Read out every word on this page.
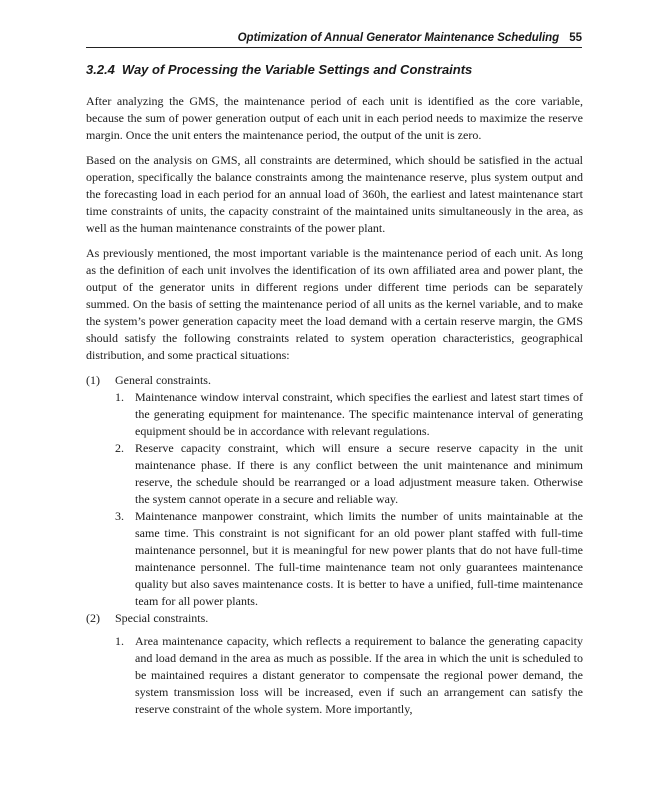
Optimization of Annual Generator Maintenance Scheduling 55
3.2.4 Way of Processing the Variable Settings and Constraints

After analyzing the GMS, the maintenance period of each unit is identified as the core variable, because the sum of power generation output of each unit in each period needs to maximize the reserve margin. Once the unit enters the maintenance period, the output of the unit is zero.

Based on the analysis on GMS, all constraints are determined, which should be satisfied in the actual operation, specifically the balance constraints among the maintenance reserve, plus system output and the forecasting load in each period for an annual load of 360h, the earliest and latest maintenance start time constraints of units, the capacity constraint of the maintained units simultaneously in the area, as well as the human maintenance constraints of the power plant.

As previously mentioned, the most important variable is the maintenance period of each unit. As long as the definition of each unit involves the identification of its own affiliated area and power plant, the output of the generator units in different regions under different time periods can be separately summed. On the basis of setting the maintenance period of all units as the kernel variable, and to make the system’s power generation capacity meet the load demand with a certain reserve margin, the GMS should satisfy the following constraints related to system operation characteristics, geographical distribution, and some practical situations:

(1) General constraints.
1. Maintenance window interval constraint, which specifies the earliest and latest start times of the generating equipment for maintenance. The specific maintenance interval of generating equipment should be in accordance with relevant regulations.
2. Reserve capacity constraint, which will ensure a secure reserve capacity in the unit maintenance phase. If there is any conflict between the unit maintenance and minimum reserve, the schedule should be rearranged or a load adjustment measure taken. Otherwise the system cannot operate in a secure and reliable way.
3. Maintenance manpower constraint, which limits the number of units maintainable at the same time. This constraint is not significant for an old power plant staffed with full-time maintenance personnel, but it is meaningful for new power plants that do not have full-time maintenance personnel. The full-time maintenance team not only guarantees maintenance quality but also saves maintenance costs. It is better to have a unified, full-time maintenance team for all power plants.
(2) Special constraints.
1. Area maintenance capacity, which reflects a requirement to balance the generating capacity and load demand in the area as much as possible. If the area in which the unit is scheduled to be maintained requires a distant generator to compensate the regional power demand, the system transmission loss will be increased, even if such an arrangement can satisfy the reserve constraint of the whole system. More importantly,
